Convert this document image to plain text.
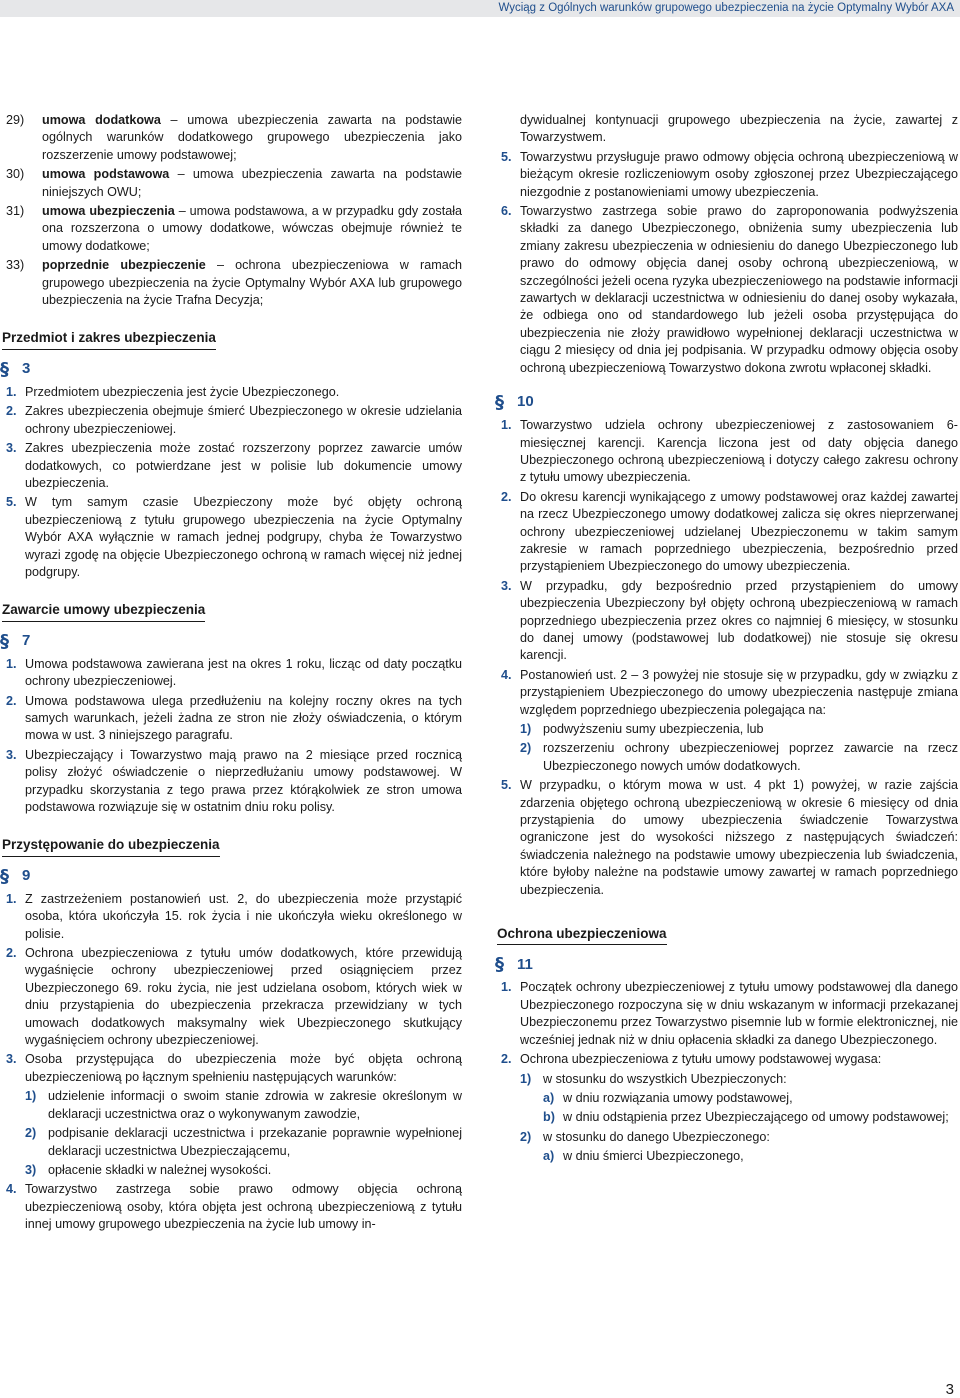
Wyciąg z Ogólnych warunków grupowego ubezpieczenia na życie Optymalny Wybór AXA
29)	umowa dodatkowa – umowa ubezpieczenia zawarta na podstawie ogólnych warunków dodatkowego grupowego ubezpieczenia jako rozszerzenie umowy podstawowej;
30)	umowa podstawowa – umowa ubezpieczenia zawarta na podstawie niniejszych OWU;
31)	umowa ubezpieczenia – umowa podstawowa, a w przypadku gdy została ona rozszerzona o umowy dodatkowe, wówczas obejmuje również te umowy dodatkowe;
33)	poprzednie ubezpieczenie – ochrona ubezpieczeniowa w ramach grupowego ubezpieczenia na życie Optymalny Wybór AXA lub grupowego ubezpieczenia na życie Trafna Decyzja;
Przedmiot i zakres ubezpieczenia
§ 3
1. Przedmiotem ubezpieczenia jest życie Ubezpieczonego.
2. Zakres ubezpieczenia obejmuje śmierć Ubezpieczonego w okresie udzielania ochrony ubezpieczeniowej.
3. Zakres ubezpieczenia może zostać rozszerzony poprzez zawarcie umów dodatkowych, co potwierdzane jest w polisie lub dokumencie umowy ubezpieczenia.
5. W tym samym czasie Ubezpieczony może być objęty ochroną ubezpieczeniową z tytułu grupowego ubezpieczenia na życie Optymalny Wybór AXA wyłącznie w ramach jednej podgrupy, chyba że Towarzystwo wyrazi zgodę na objęcie Ubezpieczonego ochroną w ramach więcej niż jednej podgrupy.
Zawarcie umowy ubezpieczenia
§ 7
1. Umowa podstawowa zawierana jest na okres 1 roku, licząc od daty początku ochrony ubezpieczeniowej.
2. Umowa podstawowa ulega przedłużeniu na kolejny roczny okres na tych samych warunkach, jeżeli żadna ze stron nie złoży oświadczenia, o którym mowa w ust. 3 niniejszego paragrafu.
3. Ubezpieczający i Towarzystwo mają prawo na 2 miesiące przed rocznicą polisy złożyć oświadczenie o nieprzedłużaniu umowy podstawowej. W przypadku skorzystania z tego prawa przez którąkolwiek ze stron umowa podstawowa rozwiązuje się w ostatnim dniu roku polisy.
Przystępowanie do ubezpieczenia
§ 9
1. Z zastrzeżeniem postanowień ust. 2, do ubezpieczenia może przystąpić osoba, która ukończyła 15. rok życia i nie ukończyła wieku określonego w polisie.
2. Ochrona ubezpieczeniowa z tytułu umów dodatkowych, które przewidują wygaśnięcie ochrony ubezpieczeniowej przed osiągnięciem przez Ubezpieczonego 69. roku życia, nie jest udzielana osobom, których wiek w dniu przystąpienia do ubezpieczenia przekracza przewidziany w tych umowach dodatkowych maksymalny wiek Ubezpieczonego skutkujący wygaśnięciem ochrony ubezpieczeniowej.
3. Osoba przystępująca do ubezpieczenia może być objęta ochroną ubezpieczeniową po łącznym spełnieniu następujących warunków:
1) udzielenie informacji o swoim stanie zdrowia w zakresie określonym w deklaracji uczestnictwa oraz o wykonywanym zawodzie,
2) podpisanie deklaracji uczestnictwa i przekazanie poprawnie wypełnionej deklaracji uczestnictwa Ubezpieczającemu,
3) opłacenie składki w należnej wysokości.
4. Towarzystwo zastrzega sobie prawo odmowy objęcia ochroną ubezpieczeniową osoby, która objęta jest ochroną ubezpieczeniową z tytułu innej umowy grupowego ubezpieczenia na życie lub umowy in-
dywidualnej kontynuacji grupowego ubezpieczenia na życie, zawartej z Towarzystwem.
5. Towarzystwu przysługuje prawo odmowy objęcia ochroną ubezpieczeniową w bieżącym okresie rozliczeniowym osoby zgłoszonej przez Ubezpieczającego niezgodnie z postanowieniami umowy ubezpieczenia.
6. Towarzystwo zastrzega sobie prawo do zaproponowania podwyższenia składki za danego Ubezpieczonego, obniżenia sumy ubezpieczenia lub zmiany zakresu ubezpieczenia w odniesieniu do danego Ubezpieczonego lub prawo do odmowy objęcia danej osoby ochroną ubezpieczeniową, w szczególności jeżeli ocena ryzyka ubezpieczeniowego na podstawie informacji zawartych w deklaracji uczestnictwa w odniesieniu do danej osoby wykazała, że odbiega ono od standardowego lub jeżeli osoba przystępująca do ubezpieczenia nie złoży prawidłowo wypełnionej deklaracji uczestnictwa w ciągu 2 miesięcy od dnia jej podpisania. W przypadku odmowy objęcia osoby ochroną ubezpieczeniową Towarzystwo dokona zwrotu wpłaconej składki.
§ 10
1. Towarzystwo udziela ochrony ubezpieczeniowej z zastosowaniem 6-miesięcznej karencji. Karencja liczona jest od daty objęcia danego Ubezpieczonego ochroną ubezpieczeniową i dotyczy całego zakresu ochrony z tytułu umowy ubezpieczenia.
2. Do okresu karencji wynikającego z umowy podstawowej oraz każdej zawartej na rzecz Ubezpieczonego umowy dodatkowej zalicza się okres nieprzerwanej ochrony ubezpieczeniowej udzielanej Ubezpieczonemu w takim samym zakresie w ramach poprzedniego ubezpieczenia, bezpośrednio przed przystąpieniem Ubezpieczonego do umowy ubezpieczenia.
3. W przypadku, gdy bezpośrednio przed przystąpieniem do umowy ubezpieczenia Ubezpieczony był objęty ochroną ubezpieczeniową w ramach poprzedniego ubezpieczenia przez okres co najmniej 6 miesięcy, w stosunku do danej umowy (podstawowej lub dodatkowej) nie stosuje się okresu karencji.
4. Postanowień ust. 2 – 3 powyżej nie stosuje się w przypadku, gdy w związku z przystąpieniem Ubezpieczonego do umowy ubezpieczenia następuje zmiana względem poprzedniego ubezpieczenia polegająca na:
1) podwyższeniu sumy ubezpieczenia, lub
2) rozszerzeniu ochrony ubezpieczeniowej poprzez zawarcie na rzecz Ubezpieczonego nowych umów dodatkowych.
5. W przypadku, o którym mowa w ust. 4 pkt 1) powyżej, w razie zajścia zdarzenia objętego ochroną ubezpieczeniową w okresie 6 miesięcy od dnia przystąpienia do umowy ubezpieczenia świadczenie Towarzystwa ograniczone jest do wysokości niższego z następujących świadczeń: świadczenia należnego na podstawie umowy ubezpieczenia lub świadczenia, które byłoby należne na podstawie umowy zawartej w ramach poprzedniego ubezpieczenia.
Ochrona ubezpieczeniowa
§ 11
1. Początek ochrony ubezpieczeniowej z tytułu umowy podstawowej dla danego Ubezpieczonego rozpoczyna się w dniu wskazanym w informacji przekazanej Ubezpieczonemu przez Towarzystwo pisemnie lub w formie elektronicznej, nie wcześniej jednak niż w dniu opłacenia składki za danego Ubezpieczonego.
2. Ochrona ubezpieczeniowa z tytułu umowy podstawowej wygasa:
1) w stosunku do wszystkich Ubezpieczonych:
a) w dniu rozwiązania umowy podstawowej,
b) w dniu odstąpienia przez Ubezpieczającego od umowy podstawowej;
2) w stosunku do danego Ubezpieczonego:
a) w dniu śmierci Ubezpieczonego,
3
